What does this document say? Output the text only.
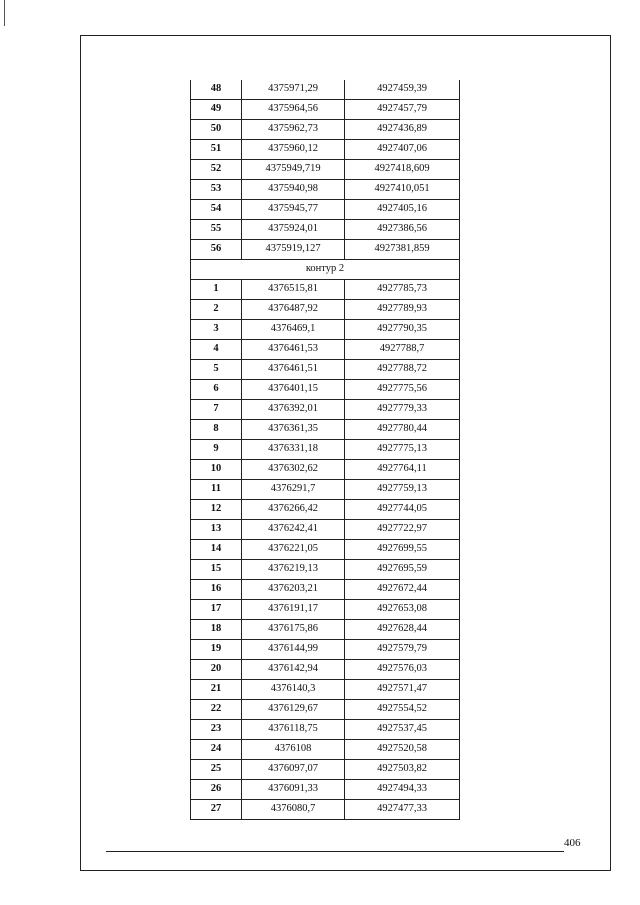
48	4375971,29	4927459,39
49	4375964,56	4927457,79
50	4375962,73	4927436,89
51	4375960,12	4927407,06
52	4375949,719	4927418,609
53	4375940,98	4927410,051
54	4375945,77	4927405,16
55	4375924,01	4927386,56
56	4375919,127	4927381,859
контур 2		
1	4376515,81	4927785,73
2	4376487,92	4927789,93
3	4376469,1	4927790,35
4	4376461,53	4927788,7
5	4376461,51	4927788,72
6	4376401,15	4927775,56
7	4376392,01	4927779,33
8	4376361,35	4927780,44
9	4376331,18	4927775,13
10	4376302,62	4927764,11
11	4376291,7	4927759,13
12	4376266,42	4927744,05
13	4376242,41	4927722,97
14	4376221,05	4927699,55
15	4376219,13	4927695,59
16	4376203,21	4927672,44
17	4376191,17	4927653,08
18	4376175,86	4927628,44
19	4376144,99	4927579,79
20	4376142,94	4927576,03
21	4376140,3	4927571,47
22	4376129,67	4927554,52
23	4376118,75	4927537,45
24	4376108	4927520,58
25	4376097,07	4927503,82
26	4376091,33	4927494,33
27	4376080,7	4927477,33
406
